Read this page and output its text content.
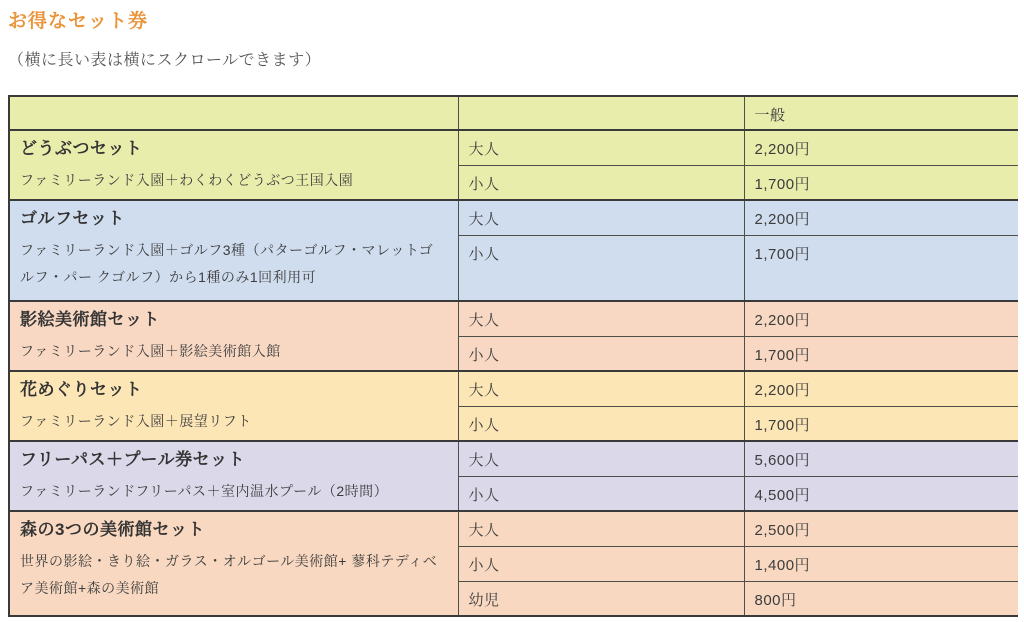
お得なセット券

（横に長い表は横にスクロールできます）

		一般

どうぶつセット
ファミリーランド入園＋わくわくどうぶつ王国入園	大人	2,200円
	小人	1,700円

ゴルフセット
ファミリーランド入園＋ゴルフ3種（パターゴルフ・マレットゴルフ・パー クゴルフ）から1種のみ1回利用可	大人	2,200円
	小人	1,700円

影絵美術館セット
ファミリーランド入園＋影絵美術館入館	大人	2,200円
	小人	1,700円

花めぐりセット
ファミリーランド入園＋展望リフト	大人	2,200円
	小人	1,700円

フリーパス＋プール券セット
ファミリーランドフリーパス＋室内温水プール（2時間）	大人	5,600円
	小人	4,500円

森の3つの美術館セット
世界の影絵・きり絵・ガラス・オルゴール美術館+ 蓼科テディベア美術館+森の美術館	大人	2,500円
	小人	1,400円
	幼児	800円
